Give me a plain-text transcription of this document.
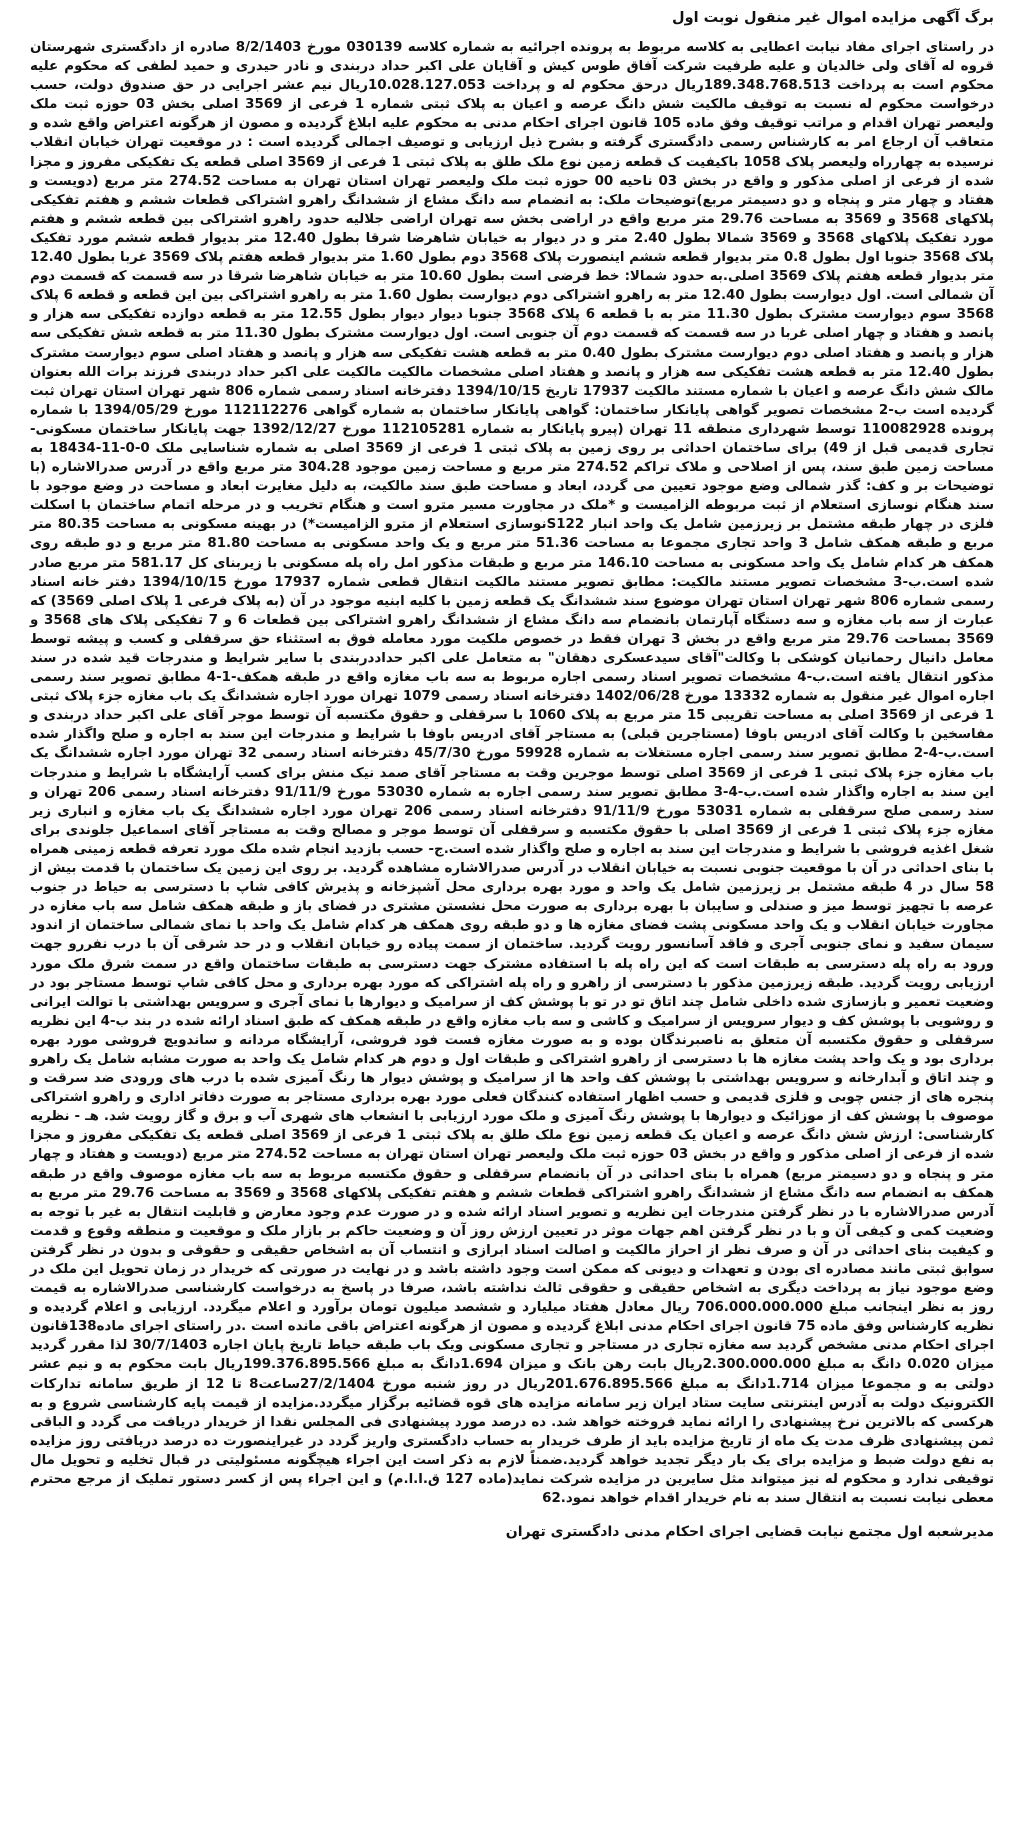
برگ آگهی مزایده اموال غیر منقول نوبت اول

در راستای اجرای مفاد نیابت اعطایی به کلاسه مربوط به پرونده اجرائیه به شماره کلاسه 030139 مورخ 8/2/1403 صادره از دادگستری شهرستان قروه له آقای ولی خالدیان و علیه طرفیت شرکت آفاق طوس کیش و آقایان علی اکبر حداد دربندی و نادر حیدری و حمید لطفی که محکوم علیه محکوم است به پرداخت 189.348.768.513ریال درحق محکوم له و پرداخت 10.028.127.053ریال نیم عشر اجرایی در حق صندوق دولت، حسب درخواست محکوم له نسبت به توقیف مالکیت شش دانگ عرصه و اعیان به پلاک ثبتی شماره 1 فرعی از 3569 اصلی بخش 03 حوزه ثبت ملک ولیعصر تهران اقدام و مراتب توقیف وفق ماده 105 قانون اجرای احکام مدنی به محکوم علیه ابلاغ گردیده و مصون از هرگونه اعتراض واقع شده و متعاقب آن ارجاع امر به کارشناس رسمی دادگستری گرفته و بشرح ذیل ارزیابی و توصیف اجمالی گردیده است : در موقعیت تهران خیابان انقلاب نرسیده به چهارراه ولیعصر پلاک 1058 باکیفیت ک قطعه زمین نوع ملک طلق به پلاک ثبتی 1 فرعی از 3569 اصلی قطعه یک تفکیکی مفروز و مجزا شده از فرعی از اصلی مذکور و واقع در بخش 03 ناحیه 00 حوزه ثبت ملک ولیعصر تهران استان تهران به مساحت 274.52 متر مربع (دویست و هفتاد و چهار متر و پنجاه و دو دسیمتر مربع)توضیحات ملک: به انضمام سه دانگ مشاع از ششدانگ راهرو اشتراکی قطعات ششم و هفتم تفکیکی پلاکهای 3568 و 3569 به مساحت 29.76 متر مربع واقع در اراضی بخش سه تهران اراضی جلالیه حدود راهرو اشتراکی بین قطعه ششم و هفتم مورد تفکیک پلاکهای 3568 و 3569 شمالا بطول 2.40 متر و در دیوار به خیابان شاهرضا شرقا بطول 12.40 متر بدیوار قطعه ششم مورد تفکیک پلاک 3568 جنوبا اول بطول 0.8 متر بدیوار قطعه ششم اینصورت پلاک 3568 دوم بطول 1.60 متر بدیوار قطعه هفتم پلاک 3569 غربا بطول 12.40 متر بدیوار قطعه هفتم پلاک 3569 اصلی.به حدود شمالا: خط فرضی است بطول 10.60 متر به خیابان شاهرضا شرقا در سه قسمت که قسمت دوم آن شمالی است. اول دیوارست بطول 12.40 متر به راهرو اشتراکی دوم دیوارست بطول 1.60 متر به راهرو اشتراکی بین این قطعه و قطعه 6 پلاک 3568 سوم دیوارست مشترک بطول 11.30 متر به با قطعه 6 پلاک 3568 جنوبا دیوار دیوار بطول 12.55 متر به قطعه دوازده تفکیکی سه هزار و پانصد و هفتاد و چهار اصلی غربا در سه قسمت که قسمت دوم آن جنوبی است. اول دیوارست مشترک بطول 11.30 متر به قطعه شش تفکیکی سه هزار و پانصد و هفتاد اصلی دوم دیوارست مشترک بطول 0.40 متر به قطعه هشت تفکیکی سه هزار و پانصد و هفتاد اصلی سوم دیوارست مشترک بطول 12.40 متر به قطعه هشت تفکیکی سه هزار و پانصد و هفتاد اصلی مشخصات مالکیت مالکیت علی اکبر حداد دربندی فرزند برات الله بعنوان مالک شش دانگ عرصه و اعیان با شماره مستند مالکیت 17937 تاریخ 1394/10/15 دفترخانه اسناد رسمی شماره 806 شهر تهران استان تهران ثبت گردیده است ب-2 مشخصات تصویر گواهی پایانکار ساختمان: گواهی پایانکار ساختمان به شماره گواهی 112112276 مورخ 1394/05/29 با شماره پرونده 110082928 توسط شهرداری منطقه 11 تهران (پیرو پایانکار به شماره 112105281 مورخ 1392/12/27 جهت پایانکار ساختمان مسکونی-تجاری قدیمی قبل از 49) برای ساختمان احداثی بر روی زمین به پلاک ثبتی 1 فرعی از 3569 اصلی به شماره شناسایی ملک 0-0-11-18434 به مساحت زمین طبق سند، پس از اصلاحی و ملاک تراکم 274.52 متر مربع و مساحت زمین موجود 304.28 متر مربع واقع در آدرس صدرالاشاره (با توضیحات بر و کف: گذر شمالی وضع موجود تعیین می گردد، ابعاد و مساحت طبق سند مالکیت، به دلیل مغایرت ابعاد و مساحت در وضع موجود با سند هنگام نوسازی استعلام از ثبت مربوطه الزامیست و *ملک در مجاورت مسیر مترو است و هنگام تخریب و در مرحله اتمام ساختمان با اسکلت فلزی در چهار طبقه مشتمل بر زیرزمین شامل یک واحد انبار S122نوسازی استعلام از مترو الزامیست*) در بهینه مسکونی به مساحت 80.35 متر مربع و طبقه همکف شامل 3 واحد تجاری مجموعا به مساحت 51.36 متر مربع و یک واحد مسکونی به مساحت 81.80 متر مربع و دو طبقه روی همکف هر کدام شامل یک واحد مسکونی به مساحت 146.10 متر مربع و طبقات مذکور امل راه پله مسکونی با زیربنای کل 581.17 متر مربع صادر شده است.ب-3 مشخصات تصویر مستند مالکیت: مطابق تصویر مستند مالکیت انتقال قطعی شماره 17937 مورخ 1394/10/15 دفتر خانه اسناد رسمی شماره 806 شهر تهران استان تهران موضوع سند ششدانگ یک قطعه زمین با کلیه ابنیه موجود در آن (به پلاک فرعی 1 پلاک اصلی 3569) که عبارت از سه باب مغازه و سه دستگاه آپارتمان بانضمام سه دانگ مشاع از ششدانگ راهرو اشتراکی بین قطعات 6 و 7 تفکیکی پلاک های 3568 و 3569 بمساحت 29.76 متر مربع واقع در بخش 3 تهران فقط در خصوص ملکیت مورد معامله فوق به استثناء حق سرقفلی و کسب و پیشه توسط معامل دانیال رحمانیان کوشکی با وکالت"آقای سیدعسکری دهقان" به متعامل علی اکبر حداددربندی با سایر شرایط و مندرجات قید شده در سند مذکور انتقال یافته است.ب-4 مشخصات تصویر اسناد رسمی اجاره مربوط به سه باب مغازه واقع در طبقه همکف-1-4 مطابق تصویر سند رسمی اجاره اموال غیر منقول به شماره 13332 مورخ 1402/06/28 دفترخانه اسناد رسمی 1079 تهران مورد اجاره ششدانگ یک باب مغازه جزء پلاک ثبتی 1 فرعی از 3569 اصلی به مساحت تقریبی 15 متر مربع به پلاک 1060 با سرقفلی و حقوق مکتسبه آن توسط موجر آقای علی اکبر حداد دربندی و مفاسخین با وکالت آقای ادریس باوفا (مستاجرین قبلی) به مستاجر آقای ادریس باوفا با شرایط و مندرجات این سند به اجاره و صلح واگذار شده است.ب-4-2 مطابق تصویر سند رسمی اجاره مستغلات به شماره 59928 مورخ 45/7/30 دفترخانه اسناد رسمی 32 تهران مورد اجاره ششدانگ یک باب مغازه جزء پلاک ثبتی 1 فرعی از 3569 اصلی توسط موجرین وقت به مستاجر آقای صمد نیک منش برای کسب آرایشگاه با شرایط و مندرجات این سند به اجاره واگذار شده است.ب-4-3 مطابق تصویر سند رسمی اجاره به شماره 53030 مورخ 91/11/9 دفترخانه اسناد رسمی 206 تهران و سند رسمی صلح سرقفلی به شماره 53031 مورخ 91/11/9 دفترخانه اسناد رسمی 206 تهران مورد اجاره ششدانگ یک باب مغازه و انباری زیر مغازه جزء پلاک ثبتی 1 فرعی از 3569 اصلی با حقوق مکتسبه و سرقفلی آن توسط موجر و مصالح وقت به مستاجر آقای اسماعیل جلوندی برای شغل اغذیه فروشی با شرایط و مندرجات این سند به اجاره و صلح واگذار شده است.ج- حسب بازدید انجام شده ملک مورد تعرفه قطعه زمینی همراه با بنای احداثی در آن با موقعیت جنوبی نسبت به خیابان انقلاب در آدرس صدرالاشاره مشاهده گردید. بر روی این زمین یک ساختمان با قدمت بیش از 58 سال در 4 طبقه مشتمل بر زیرزمین شامل یک واحد و مورد بهره برداری محل آشپزخانه و پذیرش کافی شاپ با دسترسی به حیاط در جنوب عرصه با تجهیز توسط میز و صندلی و سایبان با بهره برداری به صورت محل نشستن مشتری در فضای باز و طبقه همکف شامل سه باب مغازه در مجاورت خیابان انقلاب و یک واحد مسکونی پشت فضای مغازه ها و دو طبقه روی همکف هر کدام شامل یک واحد با نمای شمالی ساختمان از اندود سیمان سفید و نمای جنوبی آجری و فاقد آسانسور رویت گردید. ساختمان از سمت پیاده رو خیابان انقلاب و در حد شرقی آن با درب نفررو جهت ورود به راه پله دسترسی به طبقات است که این راه پله با استفاده مشترک جهت دسترسی به طبقات ساختمان واقع در سمت شرق ملک مورد ارزیابی رویت گردید. طبقه زیرزمین مذکور با دسترسی از راهرو و راه پله اشتراکی که مورد بهره برداری و محل کافی شاپ توسط مستاجر بود در وضعیت تعمیر و بازسازی شده داخلی شامل چند اتاق تو در تو با پوشش کف از سرامیک و دیوارها با نمای آجری و سرویس بهداشتی با توالت ایرانی و روشویی با پوشش کف و دیوار سرویس از سرامیک و کاشی و سه باب مغازه واقع در طبقه همکف که طبق اسناد ارائه شده در بند ب-4 این نظریه سرقفلی و حقوق مکتسبه آن متعلق به ناصبرندگان بوده و به صورت مغازه فست فود فروشی، آرایشگاه مردانه و ساندویچ فروشی مورد بهره برداری بود و یک واحد پشت مغازه ها با دسترسی از راهرو اشتراکی و طبقات اول و دوم هر کدام شامل یک واحد به صورت مشابه شامل یک راهرو و چند اتاق و آبدارخانه و سرویس بهداشتی با پوشش کف واحد ها از سرامیک و پوشش دیوار ها رنگ آمیزی شده با درب های ورودی ضد سرقت و پنجره های از جنس چوبی و فلزی قدیمی و حسب اظهار استفاده کنندگان فعلی مورد بهره برداری مستاجر به صورت دفاتر اداری و راهرو اشتراکی موصوف با پوشش کف از موزائیک و دیوارها با پوشش رنگ آمیزی و ملک مورد ارزیابی با انشعاب های شهری آب و برق و گاز رویت شد. هـ - نظریه کارشناسی: ارزش شش دانگ عرصه و اعیان یک قطعه زمین نوع ملک طلق به پلاک ثبتی 1 فرعی از 3569 اصلی قطعه یک تفکیکی مفروز و مجزا شده از فرعی از اصلی مذکور و واقع در بخش 03 حوزه ثبت ملک ولیعصر تهران استان تهران به مساحت 274.52 متر مربع (دویست و هفتاد و چهار متر و پنجاه و دو دسیمتر مربع) همراه با بنای احداثی در آن بانضمام سرقفلی و حقوق مکتسبه مربوط به سه باب مغازه موصوف واقع در طبقه همکف به انضمام سه دانگ مشاع از ششدانگ راهرو اشتراکی قطعات ششم و هفتم تفکیکی پلاکهای 3568 و 3569 به مساحت 29.76 متر مربع به آدرس صدرالاشاره با در نظر گرفتن مندرجات این نظریه و تصویر اسناد ارائه شده و در صورت عدم وجود معارض و قابلیت انتقال به غیر با توجه به وضعیت کمی و کیفی آن و با در نظر گرفتن اهم جهات موثر در تعیین ارزش روز آن و وضعیت حاکم بر بازار ملک و موقعیت و منطقه وقوع و قدمت و کیفیت بنای احداثی در آن و صرف نظر از احراز مالکیت و اصالت اسناد ابرازی و انتساب آن به اشخاص حقیقی و حقوقی و بدون در نظر گرفتن سوابق ثبتی مانند مصادره ای بودن و تعهدات و دیونی که ممکن است وجود داشته باشد و در نهایت در صورتی که خریدار در زمان تحویل این ملک در وضع موجود نیاز به پرداخت دیگری به اشخاص حقیقی و حقوقی ثالث نداشته باشد، صرفا در پاسخ به درخواست کارشناسی صدرالاشاره به قیمت روز به نظر اینجانب مبلغ 706.000.000.000 ریال معادل هفتاد میلیارد و ششصد میلیون تومان برآورد و اعلام میگردد. ارزیابی و اعلام گردیده و نظریه کارشناس وفق ماده 75 قانون اجرای احکام مدنی ابلاغ گردیده و مصون از هرگونه اعتراض باقی مانده است .در راستای اجرای ماده138قانون اجرای احکام مدنی مشخص گردید سه مغازه تجاری در مستاجر و تجاری مسکونی ویک باب طبقه حیاط تاریخ پایان اجاره 30/7/1403 لذا مقرر گردید میزان 0.020 دانگ به مبلغ 2.300.000.000ریال بابت رهن بانک و میزان 1.694دانگ به مبلغ 199.376.895.566ریال بابت محکوم به و نیم عشر دولتی به و مجموعا میزان 1.714دانگ به مبلغ 201.676.895.566ریال در روز شنبه مورخ 27/2/1404ساعت8 تا 12 از طریق سامانه تدارکات الکترونیک دولت به آدرس اینترنتی سایت ستاد ایران زیر سامانه مزایده های قوه قضائیه برگزار میگردد.مزایده از قیمت پایه کارشناسی شروع و به هرکسی که بالاترین نرخ پیشنهادی را ارائه نماید فروخته خواهد شد. ده درصد مورد پیشنهادی فی المجلس نقدا از خریدار دریافت می گردد و الباقی ثمن پیشنهادی ظرف مدت یک ماه از تاریخ مزایده باید از طرف خریدار به حساب دادگستری واریز گردد در غیراینصورت ده درصد دریافتی روز مزایده به نفع دولت ضبط و مزایده برای یک بار دیگر تجدید خواهد گردید.ضمناً لازم به ذکر است این اجراء هیچگونه مسئولیتی در قبال تخلیه و تحویل مال توقیفی ندارد و محکوم له نیز میتواند مثل سایرین در مزایده شرکت نماید(ماده 127 ق.ا.ا.م) و این اجراء پس از کسر دستور تملیک از مرجع محترم معطی نیابت نسبت به انتقال سند به نام خریدار اقدام خواهد نمود.62

مدیرشعبه اول مجتمع نیابت قضایی اجرای احکام مدنی دادگستری تهران
